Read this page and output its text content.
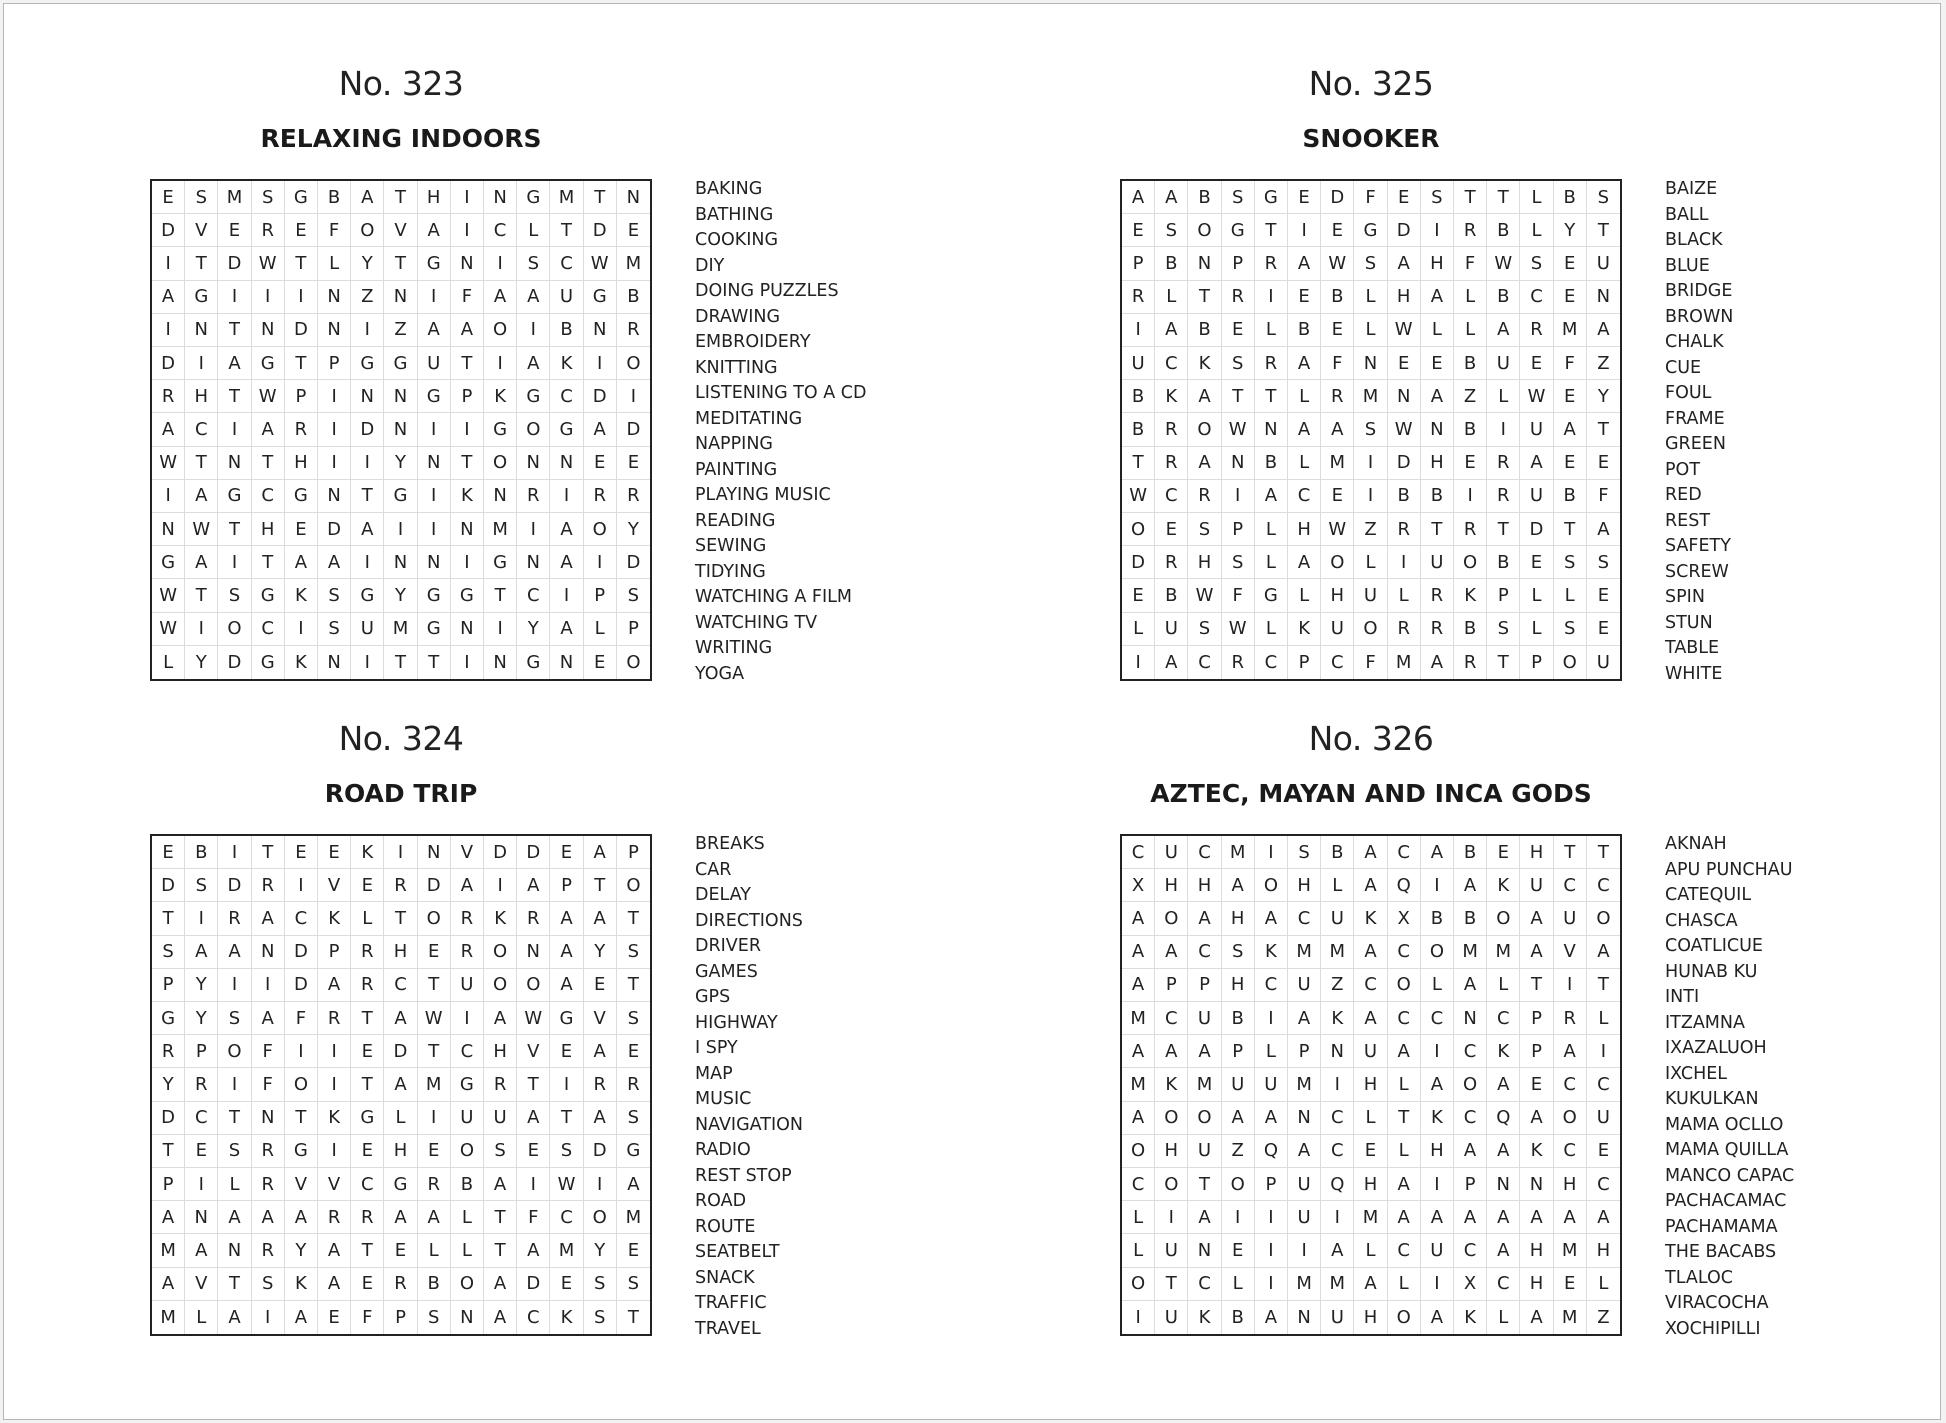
No. 323
RELAXING INDOORS
E	S	M	S	G	B	A	T	H	I	N	G	M	T	N
D	V	E	R	E	F	O	V	A	I	C	L	T	D	E
I	T	D W	T	L	Y	T	G	N	I	S	C	W M
A	G	I	I	I	N	Z	N	I	F	A	A	U	G	B
I	N	T	N	D	N	I	Z	A	A	O	I	B	N	R
D	I	A	G	T	P	G	G	U	T	I	A	K	I	O
R	H	T	W	P	I	N	N	G	P	K	G	C	D	I
A	C	I	A	R	I	D	N	I	I	G	O	G	A	D
W	T	N	T	H	I	I	Y	N	T	O	N	N	E	E
I	A	G	C	G	N	T	G	I	K	N	R	I	R	R
N W	T	H	E	D	A	I	I	N	M	I	A	O	Y
G	A	I	T	A	A	I	N	N	I	G	N	A	I	D
W	T	S	G	K	S	G	Y	G	G	T	C	I	P	S
W	I	O	C	I	S	U	M	G	N	I	Y	A	L	P
L	Y	D	G	K	N	I	T	T	I	N	G	N	E	O
BAKING
BATHING
COOKING
DIY
DOING PUZZLES
DRAWING
EMBROIDERY
KNITTING
LISTENING TO A CD
MEDITATING
NAPPING
PAINTING
PLAYING MUSIC
READING
SEWING
TIDYING
WATCHING A FILM
WATCHING TV
WRITING
YOGA
No. 325
SNOOKER
A	A	B	S	G	E	D	F	E	S	T	T	L	B	S
E	S	O	G	T	I	E	G	D	I	R	B	L	Y	T
P	B	N	P	R	A	W	S	A	H	F	W	S	E	U
R	L	T	R	I	E	B	L	H	A	L	B	C	E	N
I	A	B	E	L	B	E	L	W	L	L	A	R	M	A
U	C	K	S	R	A	F	N	E	E	B	U	E	F	Z
B	K	A	T	T	L	R	M	N	A	Z	L	W	E	Y
B	R	O W N	A	A	S	W N	B	I	U	A	T
T	R	A	N	B	L	M	I	D	H	E	R	A	E	E
W	C	R	I	A	C	E	I	B	B	I	R	U	B	F
O	E	S	P	L	H W	Z	R	T	R	T	D	T	A
D	R	H	S	L	A	O	L	I	U	O	B	E	S	S
E	B	W	F	G	L	H	U	L	R	K	P	L	L	E
L	U	S	W	L	K	U	O	R	R	B	S	L	S	E
I	A	C	R	C	P	C	F	M	A	R	T	P	O	U
BAIZE
BALL
BLACK
BLUE
BRIDGE
BROWN
CHALK
CUE
FOUL
FRAME
GREEN
POT
RED
REST
SAFETY
SCREW
SPIN
STUN
TABLE
WHITE
No. 324
ROAD TRIP
E	B	I	T	E	E	K	I	N	V	D	D	E	A	P
D	S	D	R	I	V	E	R	D	A	I	A	P	T	O
T	I	R	A	C	K	L	T	O	R	K	R	A	A	T
S	A	A	N	D	P	R	H	E	R	O	N	A	Y	S
P	Y	I	I	D	A	R	C	T	U	O	O	A	E	T
G	Y	S	A	F	R	T	A	W	I	A	W G	V	S
R	P	O	F	I	I	E	D	T	C	H	V	E	A	E
Y	R	I	F	O	I	T	A	M	G	R	T	I	R	R
D	C	T	N	T	K	G	L	I	U	U	A	T	A	S
T	E	S	R	G	I	E	H	E	O	S	E	S	D	G
P	I	L	R	V	V	C	G	R	B	A	I	W	I	A
A	N	A	A	A	R	R	A	A	L	T	F	C	O	M
M	A	N	R	Y	A	T	E	L	L	T	A	M	Y	E
A	V	T	S	K	A	E	R	B	O	A	D	E	S	S
M	L	A	I	A	E	F	P	S	N	A	C	K	S	T
BREAKS
CAR
DELAY
DIRECTIONS
DRIVER
GAMES
GPS
HIGHWAY
I SPY
MAP
MUSIC
NAVIGATION
RADIO
REST STOP
ROAD
ROUTE
SEATBELT
SNACK
TRAFFIC
TRAVEL
No. 326
AZTEC, MAYAN AND INCA GODS
C	U	C	M	I	S	B	A	C	A	B	E	H	T	T
X	H	H	A	O	H	L	A	Q	I	A	K	U	C	C
A	O	A	H	A	C	U	K	X	B	B	O	A	U	O
A	A	C	S	K	M M	A	C	O	M M	A	V	A
A	P	P	H	C	U	Z	C	O	L	A	L	T	I	T
M	C	U	B	I	A	K	A	C	C	N	C	P	R	L
A	A	A	P	L	P	N	U	A	I	C	K	P	A	I
M	K	M	U	U	M	I	H	L	A	O	A	E	C	C
A	O	O	A	A	N	C	L	T	K	C	Q	A	O	U
O	H	U	Z	Q	A	C	E	L	H	A	A	K	C	E
C	O	T	O	P	U	Q	H	A	I	P	N	N	H	C
L	I	A	I	I	U	I	M	A	A	A	A	A	A	A
L	U	N	E	I	I	A	L	C	U	C	A	H	M	H
O	T	C	L	I	M M	A	L	I	X	C	H	E	L
I	U	K	B	A	N	U	H	O	A	K	L	A	M	Z
AKNAH
APU PUNCHAU
CATEQUIL
CHASCA
COATLICUE
HUNAB KU
INTI
ITZAMNA
IXAZALUOH
IXCHEL
KUKULKAN
MAMA OCLLO
MAMA QUILLA
MANCO CAPAC
PACHACAMAC
PACHAMAMA
THE BACABS
TLALOC
VIRACOCHA
XOCHIPILLI
